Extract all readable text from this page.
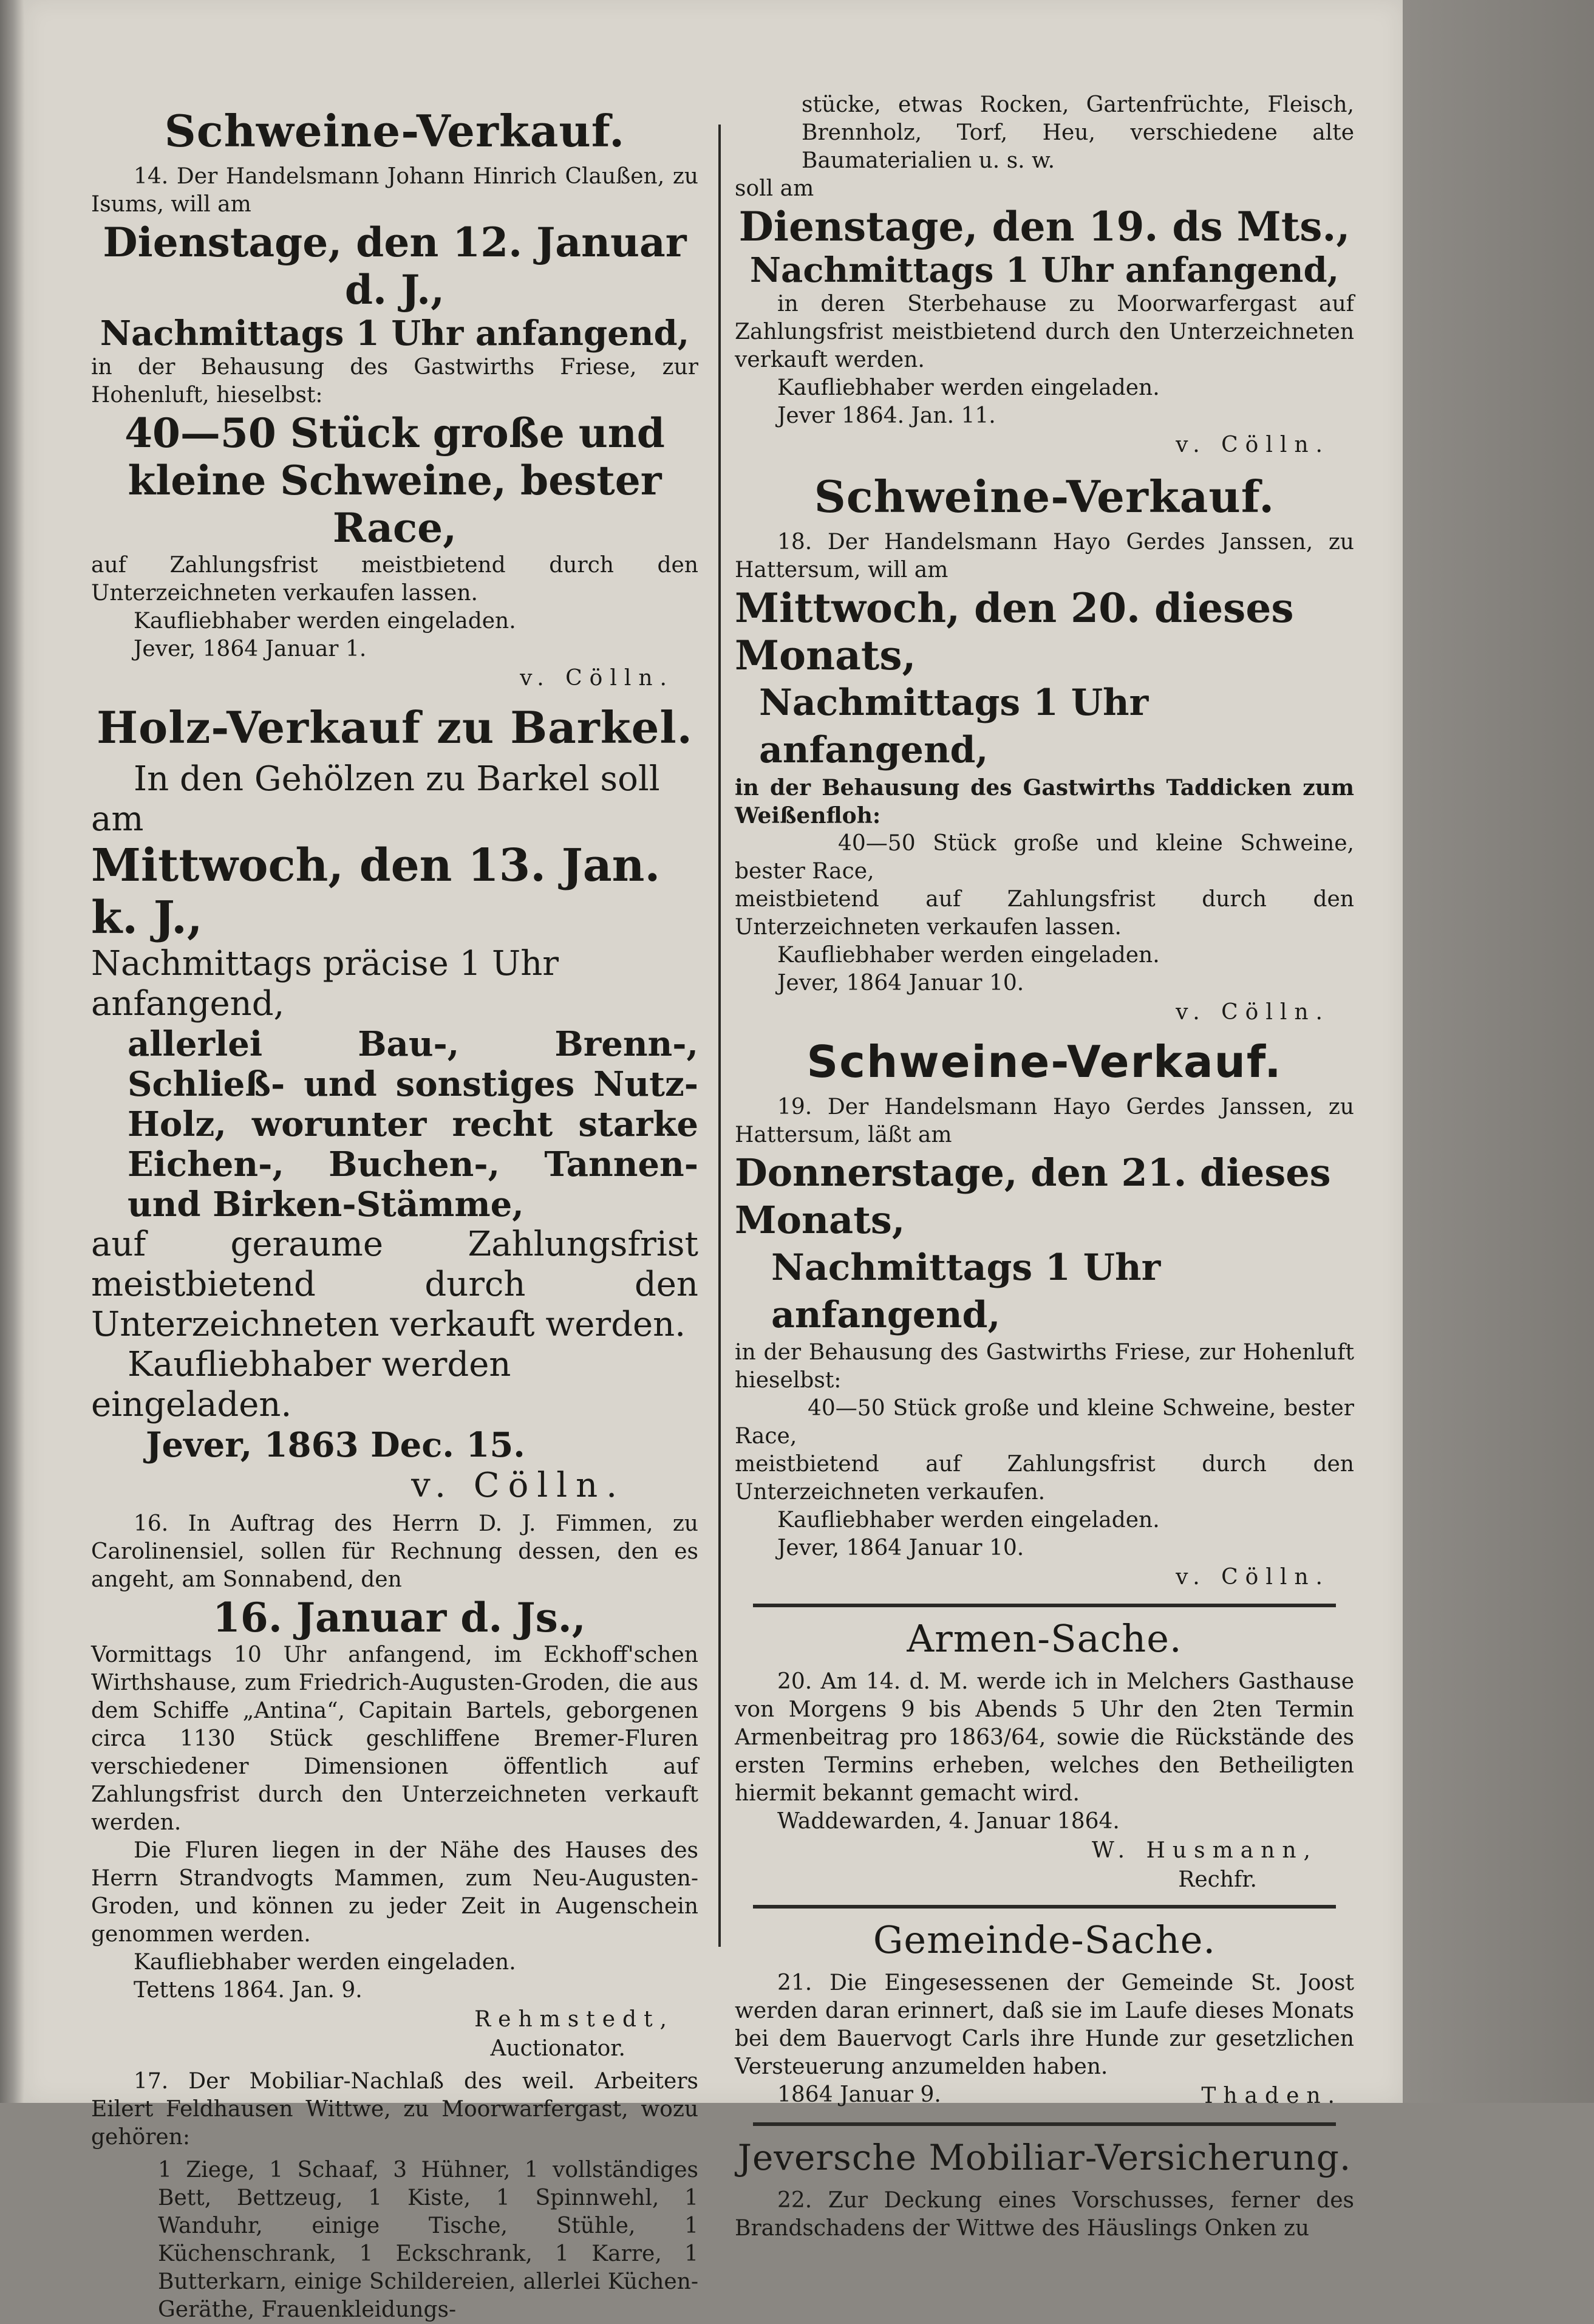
Schweine-Verkauf.

14. Der Handelsmann Johann Hinrich Claußen, zu Isums, will am

Dienstage, den 12. Januar d. J.,

Nachmittags 1 Uhr anfangend,

in der Behausung des Gastwirths Friese, zur Hohenluft, hieselbst:

40—50 Stück große und kleine Schweine, bester Race,

auf Zahlungsfrist meistbietend durch den Unterzeichneten verkaufen lassen.

Kaufliebhaber werden eingeladen.

Jever, 1864 Januar 1.

v. Cölln.

Holz-Verkauf zu Barkel.

In den Gehölzen zu Barkel soll am

Mittwoch, den 13. Jan. k. J.,

Nachmittags präcise 1 Uhr anfangend,

allerlei Bau-, Brenn-, Schließ- und sonstiges Nutz-Holz, worunter recht starke Eichen-, Buchen-, Tannen- und Birken-Stämme,

auf geraume Zahlungsfrist meistbietend durch den Unterzeichneten verkauft werden.

Kaufliebhaber werden eingeladen.

Jever, 1863 Dec. 15.

v. Cölln.

16. In Auftrag des Herrn D. J. Fimmen, zu Carolinensiel, sollen für Rechnung dessen, den es angeht, am Sonnabend, den

16. Januar d. Js.,

Vormittags 10 Uhr anfangend, im Eckhoff'schen Wirthshause, zum Friedrich-Augusten-Groden, die aus dem Schiffe „Antina“, Capitain Bartels, geborgenen circa 1130 Stück geschliffene Bremer-Fluren verschiedener Dimensionen öffentlich auf Zahlungsfrist durch den Unterzeichneten verkauft werden.

Die Fluren liegen in der Nähe des Hauses des Herrn Strandvogts Mammen, zum Neu-Augusten-Groden, und können zu jeder Zeit in Augenschein genommen werden.

Kaufliebhaber werden eingeladen.

Tettens 1864. Jan. 9.

Rehmstedt,

Auctionator.

17. Der Mobiliar-Nachlaß des weil. Arbeiters Eilert Feldhausen Wittwe, zu Moorwarfergast, wozu gehören:

1 Ziege, 1 Schaaf, 3 Hühner, 1 vollständiges Bett, Bettzeug, 1 Kiste, 1 Spinnwehl, 1 Wanduhr, einige Tische, Stühle, 1 Küchenschrank, 1 Eckschrank, 1 Karre, 1 Butterkarn, einige Schildereien, allerlei Küchen-Geräthe, Frauenkleidungs-

stücke, etwas Rocken, Gartenfrüchte, Fleisch, Brennholz, Torf, Heu, verschiedene alte Baumaterialien u. s. w.

soll am

Dienstage, den 19. ds Mts.,

Nachmittags 1 Uhr anfangend,

in deren Sterbehause zu Moorwarfergast auf Zahlungsfrist meistbietend durch den Unterzeichneten verkauft werden.

Kaufliebhaber werden eingeladen.

Jever 1864. Jan. 11.

v. Cölln.

Schweine-Verkauf.

18. Der Handelsmann Hayo Gerdes Janssen, zu Hattersum, will am

Mittwoch, den 20. dieses Monats,

Nachmittags 1 Uhr anfangend,

in der Behausung des Gastwirths Taddicken zum Weißenfloh:

40—50 Stück große und kleine Schweine, bester Race,

meistbietend auf Zahlungsfrist durch den Unterzeichneten verkaufen lassen.

Kaufliebhaber werden eingeladen.

Jever, 1864 Januar 10.

v. Cölln.

Schweine-Verkauf.

19. Der Handelsmann Hayo Gerdes Janssen, zu Hattersum, läßt am

Donnerstage, den 21. dieses Monats,

Nachmittags 1 Uhr anfangend,

in der Behausung des Gastwirths Friese, zur Hohenluft hieselbst:

40—50 Stück große und kleine Schweine, bester Race,

meistbietend auf Zahlungsfrist durch den Unterzeichneten verkaufen.

Kaufliebhaber werden eingeladen.

Jever, 1864 Januar 10.

v. Cölln.

Armen-Sache.

20. Am 14. d. M. werde ich in Melchers Gasthause von Morgens 9 bis Abends 5 Uhr den 2ten Termin Armenbeitrag pro 1863/64, sowie die Rückstände des ersten Termins erheben, welches den Betheiligten hiermit bekannt gemacht wird.

Waddewarden, 4. Januar 1864.

W. Husmann,

Rechfr.

Gemeinde-Sache.

21. Die Eingesessenen der Gemeinde St. Joost werden daran erinnert, daß sie im Laufe dieses Monats bei dem Bauervogt Carls ihre Hunde zur gesetzlichen Versteuerung anzumelden haben.

1864 Januar 9.	Thaden.
Jeversche Mobiliar-Versicherung.

22. Zur Deckung eines Vorschusses, ferner des Brandschadens der Wittwe des Häuslings Onken zu
